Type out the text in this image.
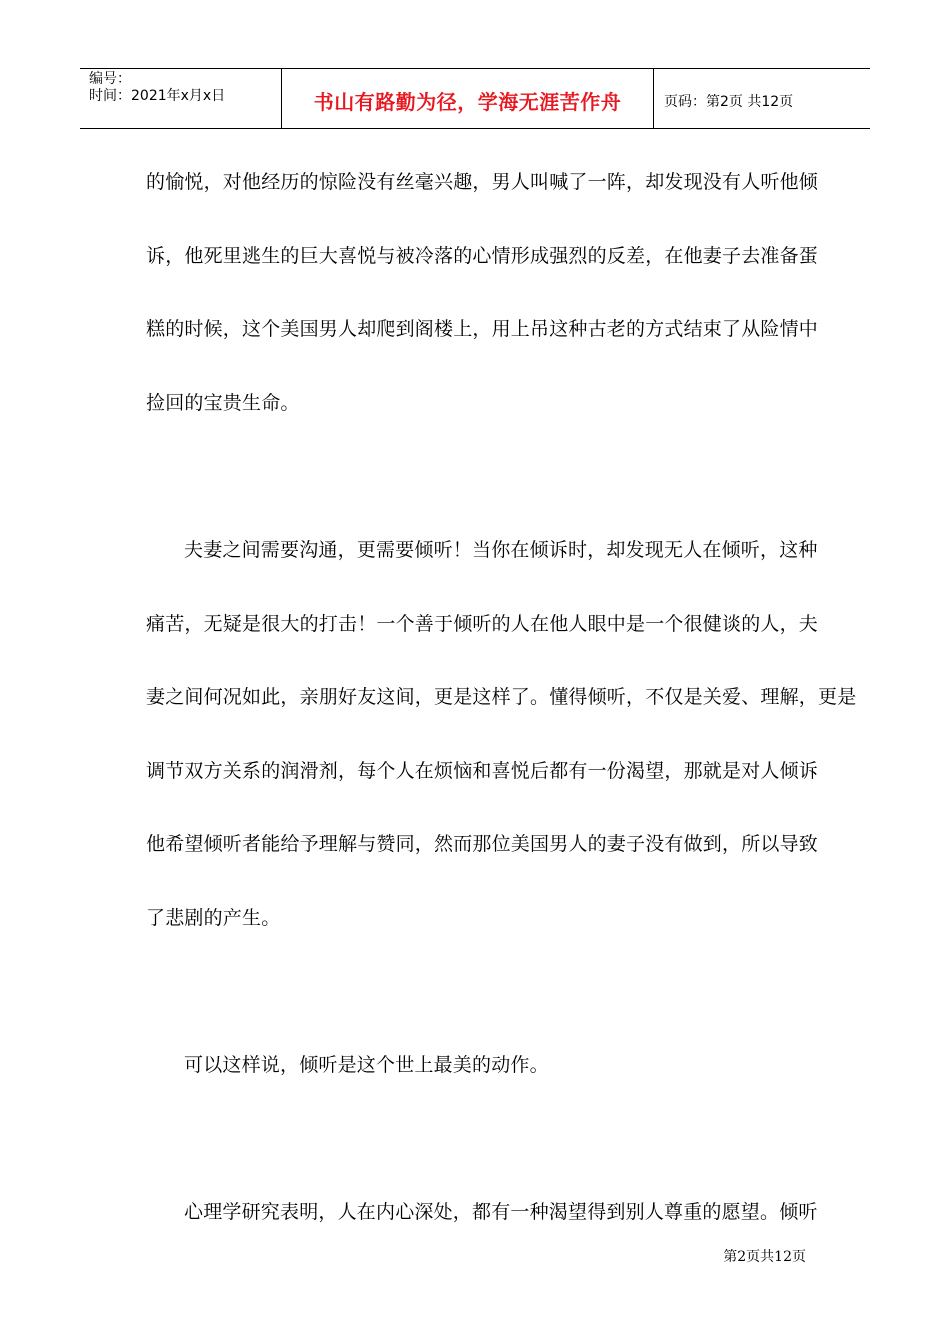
编号：
时间：2021年x月x日	书山有路勤为径，学海无涯苦作舟	页码：第2页 共12页
的愉悦，对他经历的惊险没有丝毫兴趣，男人叫喊了一阵，却发现没有人听他倾
诉，他死里逃生的巨大喜悦与被冷落的心情形成强烈的反差，在他妻子去准备蛋
糕的时候，这个美国男人却爬到阁楼上，用上吊这种古老的方式结束了从险情中
捡回的宝贵生命。
夫妻之间需要沟通，更需要倾听！当你在倾诉时，却发现无人在倾听，这种
痛苦，无疑是很大的打击！一个善于倾听的人在他人眼中是一个很健谈的人，夫
妻之间何况如此，亲朋好友这间，更是这样了。懂得倾听，不仅是关爱、理解，更是
调节双方关系的润滑剂，每个人在烦恼和喜悦后都有一份渴望，那就是对人倾诉
他希望倾听者能给予理解与赞同，然而那位美国男人的妻子没有做到，所以导致
了悲剧的产生。
可以这样说，倾听是这个世上最美的动作。
心理学研究表明，人在内心深处，都有一种渴望得到别人尊重的愿望。倾听
第2页共12页
